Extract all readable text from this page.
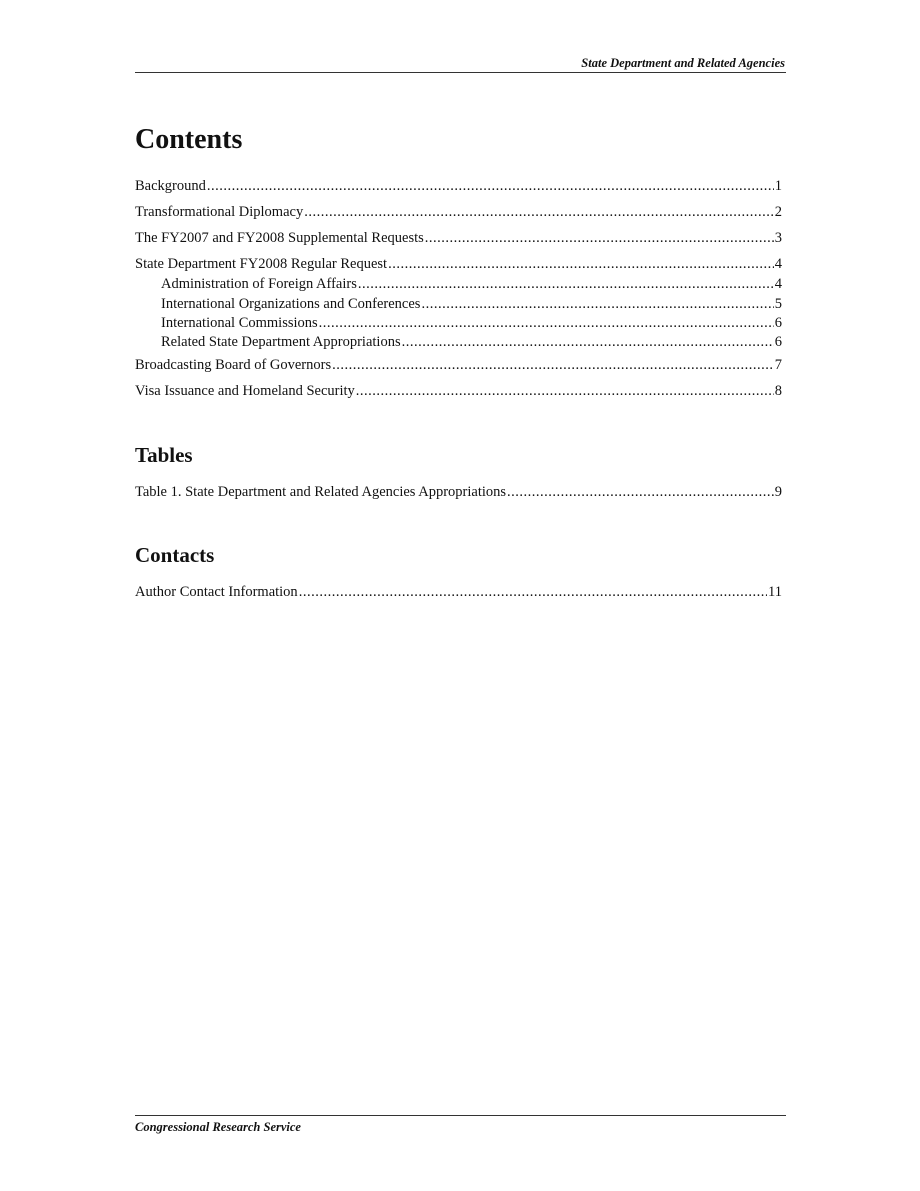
State Department and Related Agencies
Contents
Background .....	1
Transformational Diplomacy .....	2
The FY2007 and FY2008 Supplemental Requests .....	3
State Department FY2008 Regular Request .....	4
Administration of Foreign Affairs .....	4
International Organizations and Conferences .....	5
International Commissions .....	6
Related State Department Appropriations .....	6
Broadcasting Board of Governors .....	7
Visa Issuance and Homeland Security .....	8
Tables
Table 1. State Department and Related Agencies Appropriations .....	9
Contacts
Author Contact Information .....	11
Congressional Research Service
